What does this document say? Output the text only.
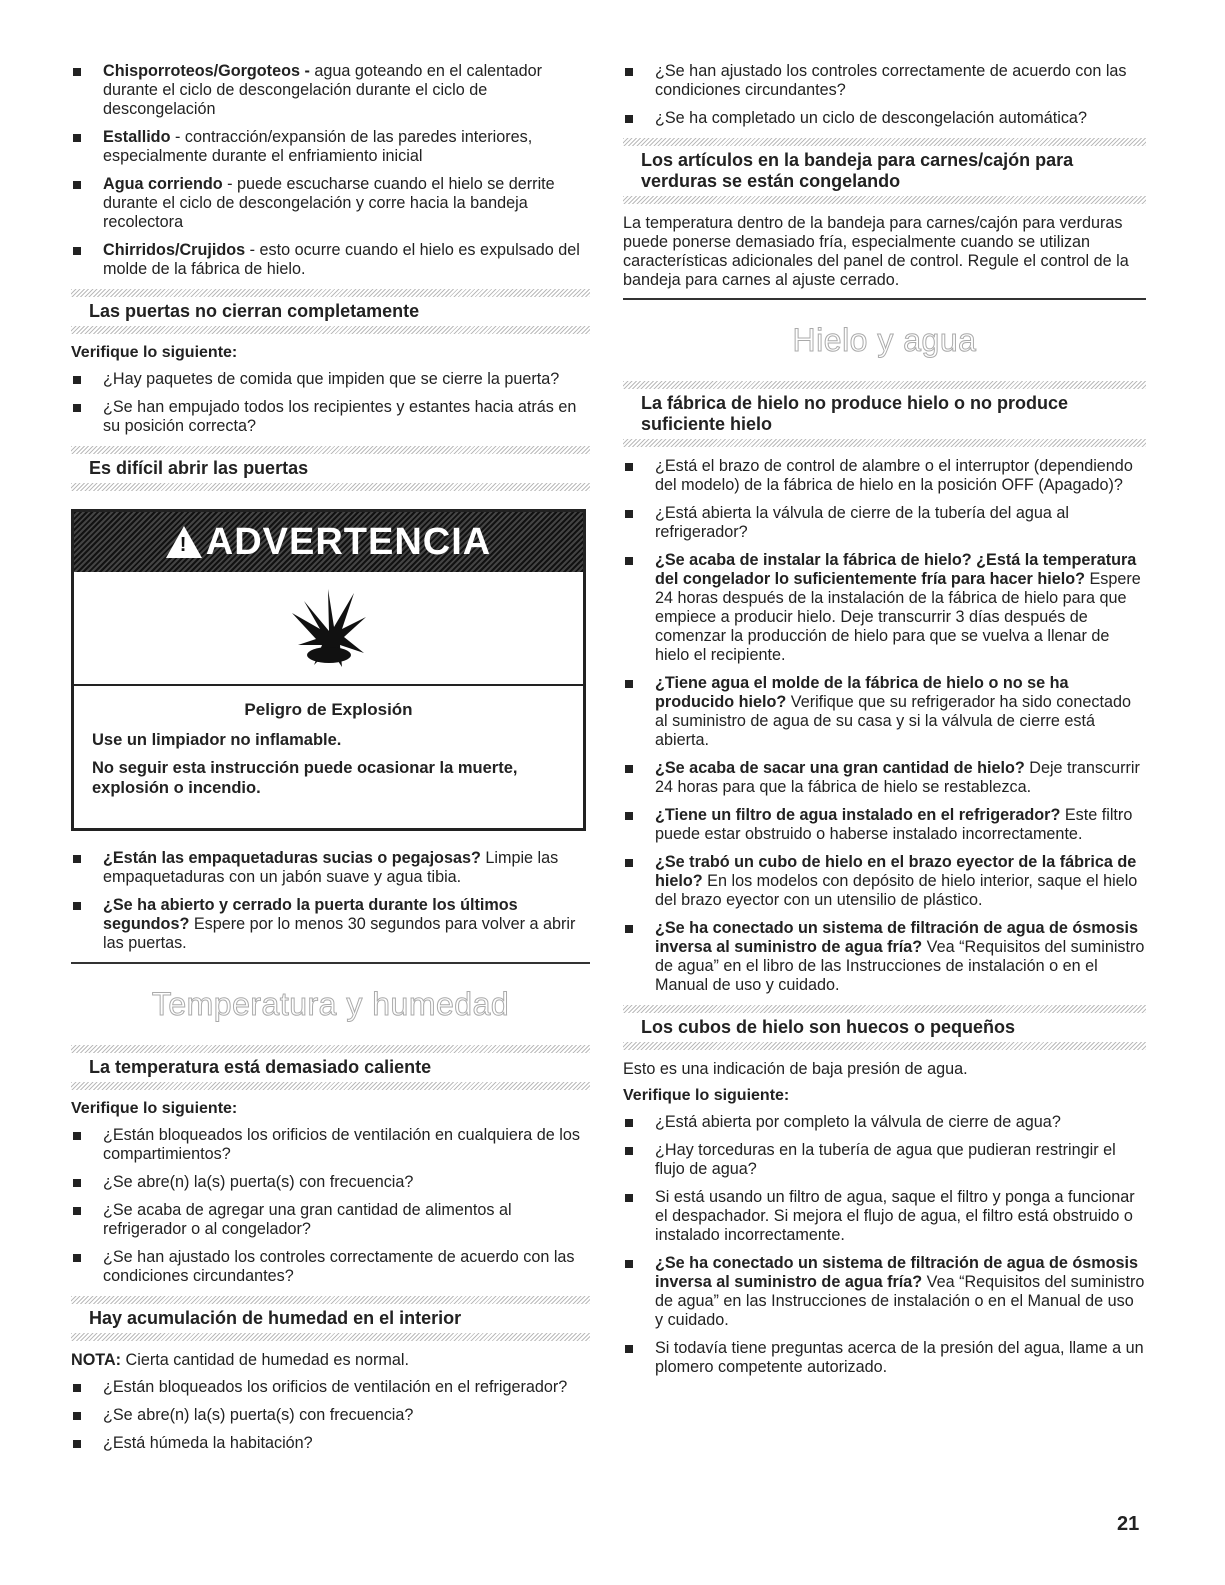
Chisporroteos/Gorgoteos - agua goteando en el calentador durante el ciclo de descongelación durante el ciclo de descongelación
Estallido - contracción/expansión de las paredes interiores, especialmente durante el enfriamiento inicial
Agua corriendo - puede escucharse cuando el hielo se derrite durante el ciclo de descongelación y corre hacia la bandeja recolectora
Chirridos/Crujidos - esto ocurre cuando el hielo es expulsado del molde de la fábrica de hielo.
Las puertas no cierran completamente
Verifique lo siguiente:
¿Hay paquetes de comida que impiden que se cierre la puerta?
¿Se han empujado todos los recipientes y estantes hacia atrás en su posición correcta?
Es difícil abrir las puertas
! ADVERTENCIA
Peligro de Explosión
Use un limpiador no inflamable.
No seguir esta instrucción puede ocasionar la muerte, explosión o incendio.
¿Están las empaquetaduras sucias o pegajosas? Limpie las empaquetaduras con un jabón suave y agua tibia.
¿Se ha abierto y cerrado la puerta durante los últimos segundos? Espere por lo menos 30 segundos para volver a abrir las puertas.
Temperatura y humedad
La temperatura está demasiado caliente
Verifique lo siguiente:
¿Están bloqueados los orificios de ventilación en cualquiera de los compartimientos?
¿Se abre(n) la(s) puerta(s) con frecuencia?
¿Se acaba de agregar una gran cantidad de alimentos al refrigerador o al congelador?
¿Se han ajustado los controles correctamente de acuerdo con las condiciones circundantes?
Hay acumulación de humedad en el interior

NOTA: Cierta cantidad de humedad es normal.

¿Están bloqueados los orificios de ventilación en el refrigerador?
¿Se abre(n) la(s) puerta(s) con frecuencia?
¿Está húmeda la habitación?
¿Se han ajustado los controles correctamente de acuerdo con las condiciones circundantes?
¿Se ha completado un ciclo de descongelación automática?
Los artículos en la bandeja para carnes/cajón para verduras se están congelando

La temperatura dentro de la bandeja para carnes/cajón para verduras puede ponerse demasiado fría, especialmente cuando se utilizan características adicionales del panel de control. Regule el control de la bandeja para carnes al ajuste cerrado.

Hielo y agua
La fábrica de hielo no produce hielo o no produce suficiente hielo
¿Está el brazo de control de alambre o el interruptor (dependiendo del modelo) de la fábrica de hielo en la posición OFF (Apagado)?
¿Está abierta la válvula de cierre de la tubería del agua al refrigerador?
¿Se acaba de instalar la fábrica de hielo? ¿Está la temperatura del congelador lo suficientemente fría para hacer hielo? Espere 24 horas después de la instalación de la fábrica de hielo para que empiece a producir hielo. Deje transcurrir 3 días después de comenzar la producción de hielo para que se vuelva a llenar de hielo el recipiente.
¿Tiene agua el molde de la fábrica de hielo o no se ha producido hielo? Verifique que su refrigerador ha sido conectado al suministro de agua de su casa y si la válvula de cierre está abierta.
¿Se acaba de sacar una gran cantidad de hielo? Deje transcurrir 24 horas para que la fábrica de hielo se restablezca.
¿Tiene un filtro de agua instalado en el refrigerador? Este filtro puede estar obstruido o haberse instalado incorrectamente.
¿Se trabó un cubo de hielo en el brazo eyector de la fábrica de hielo? En los modelos con depósito de hielo interior, saque el hielo del brazo eyector con un utensilio de plástico.
¿Se ha conectado un sistema de filtración de agua de ósmosis inversa al suministro de agua fría? Vea “Requisitos del suministro de agua” en el libro de las Instrucciones de instalación o en el Manual de uso y cuidado.
Los cubos de hielo son huecos o pequeños

Esto es una indicación de baja presión de agua.

Verifique lo siguiente:
¿Está abierta por completo la válvula de cierre de agua?
¿Hay torceduras en la tubería de agua que pudieran restringir el flujo de agua?
Si está usando un filtro de agua, saque el filtro y ponga a funcionar el despachador. Si mejora el flujo de agua, el filtro está obstruido o instalado incorrectamente.
¿Se ha conectado un sistema de filtración de agua de ósmosis inversa al suministro de agua fría? Vea “Requisitos del suministro de agua” en las Instrucciones de instalación o en el Manual de uso y cuidado.
Si todavía tiene preguntas acerca de la presión del agua, llame a un plomero competente autorizado.
21
